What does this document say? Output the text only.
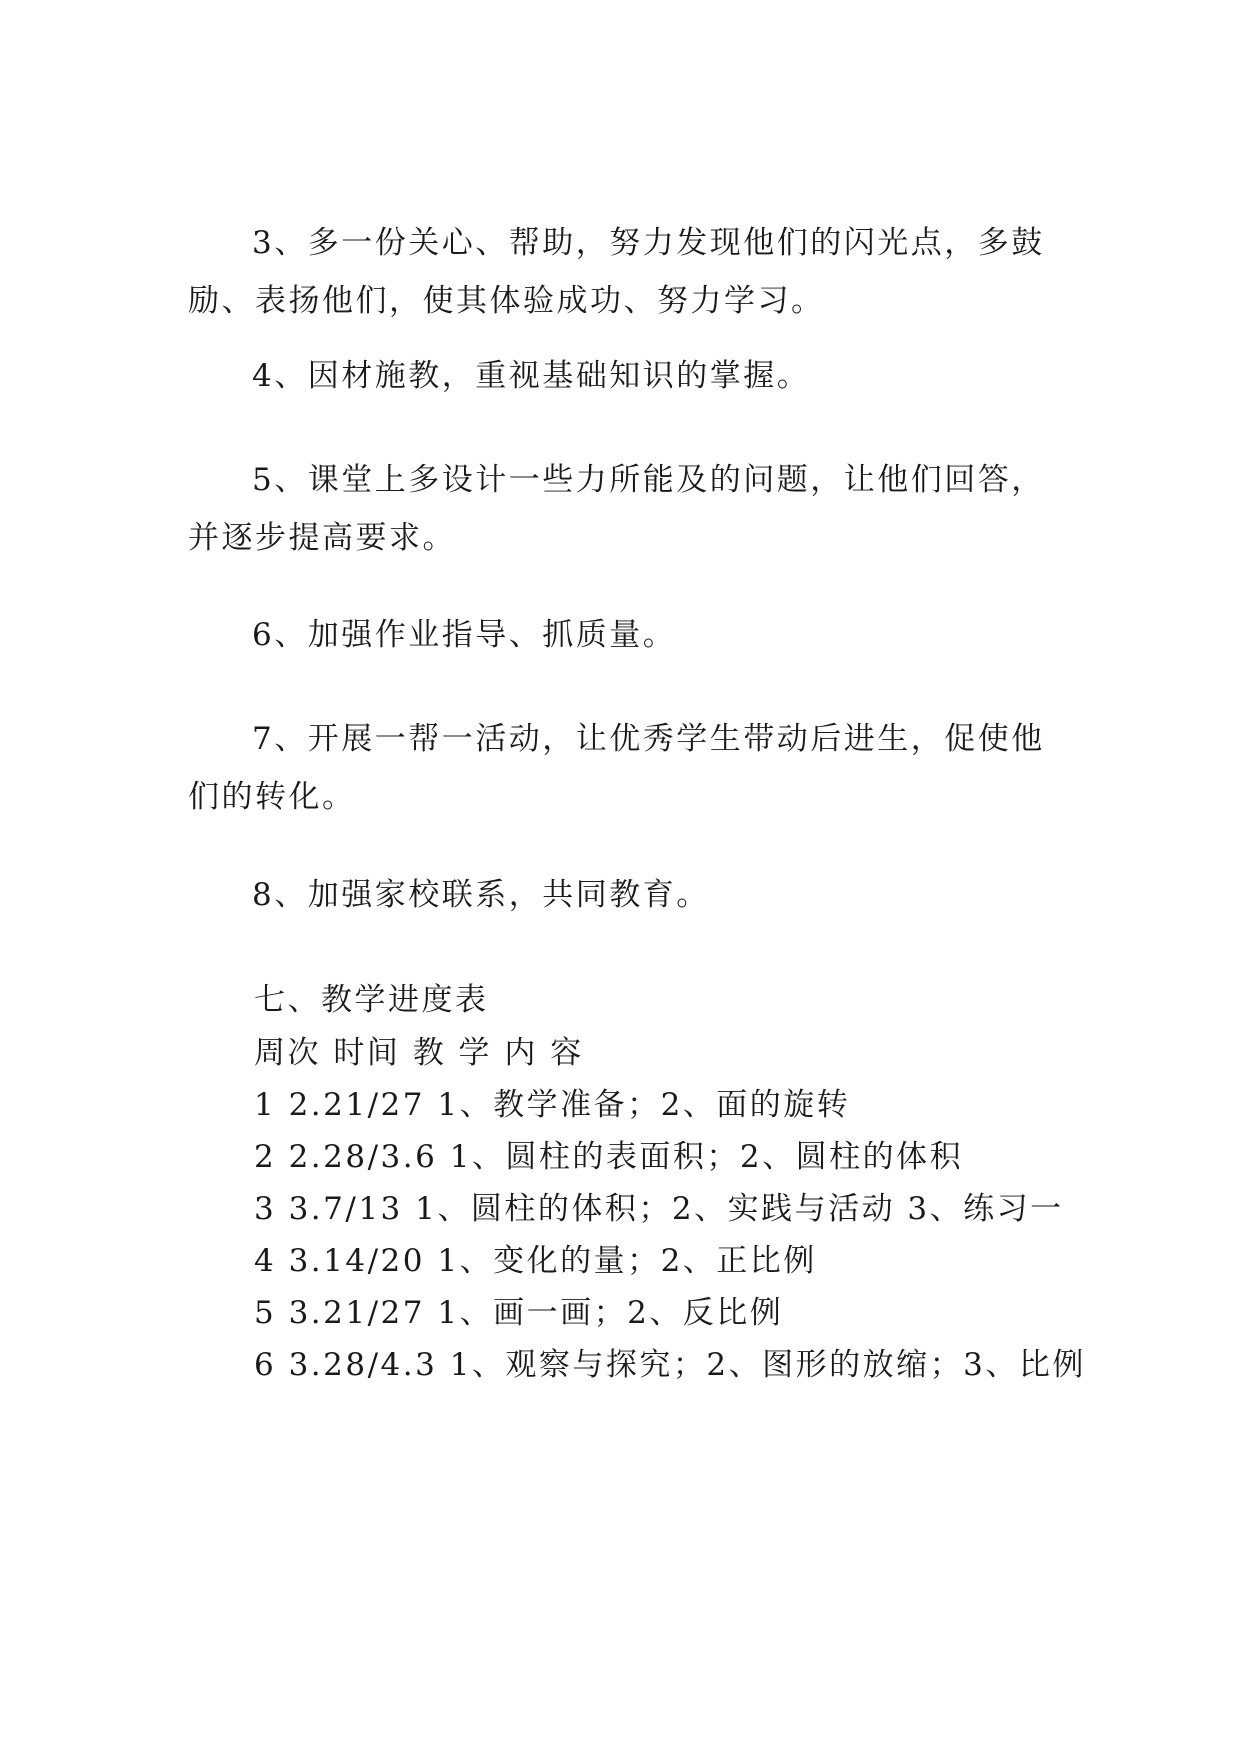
3、多一份关心、帮助，努力发现他们的闪光点，多鼓励、表扬他们，使其体验成功、努力学习。

4、因材施教，重视基础知识的掌握。

5、课堂上多设计一些力所能及的问题，让他们回答，并逐步提高要求。

6、加强作业指导、抓质量。

7、开展一帮一活动，让优秀学生带动后进生，促使他们的转化。

8、加强家校联系，共同教育。

七、教学进度表

周次 时间 教 学 内 容

1 2.21/27 1、教学准备；2、面的旋转

2 2.28/3.6 1、圆柱的表面积；2、圆柱的体积

3 3.7/13 1、圆柱的体积；2、实践与活动 3、练习一

4 3.14/20 1、变化的量；2、正比例

5 3.21/27 1、画一画；2、反比例

6 3.28/4.3 1、观察与探究；2、图形的放缩；3、比例
